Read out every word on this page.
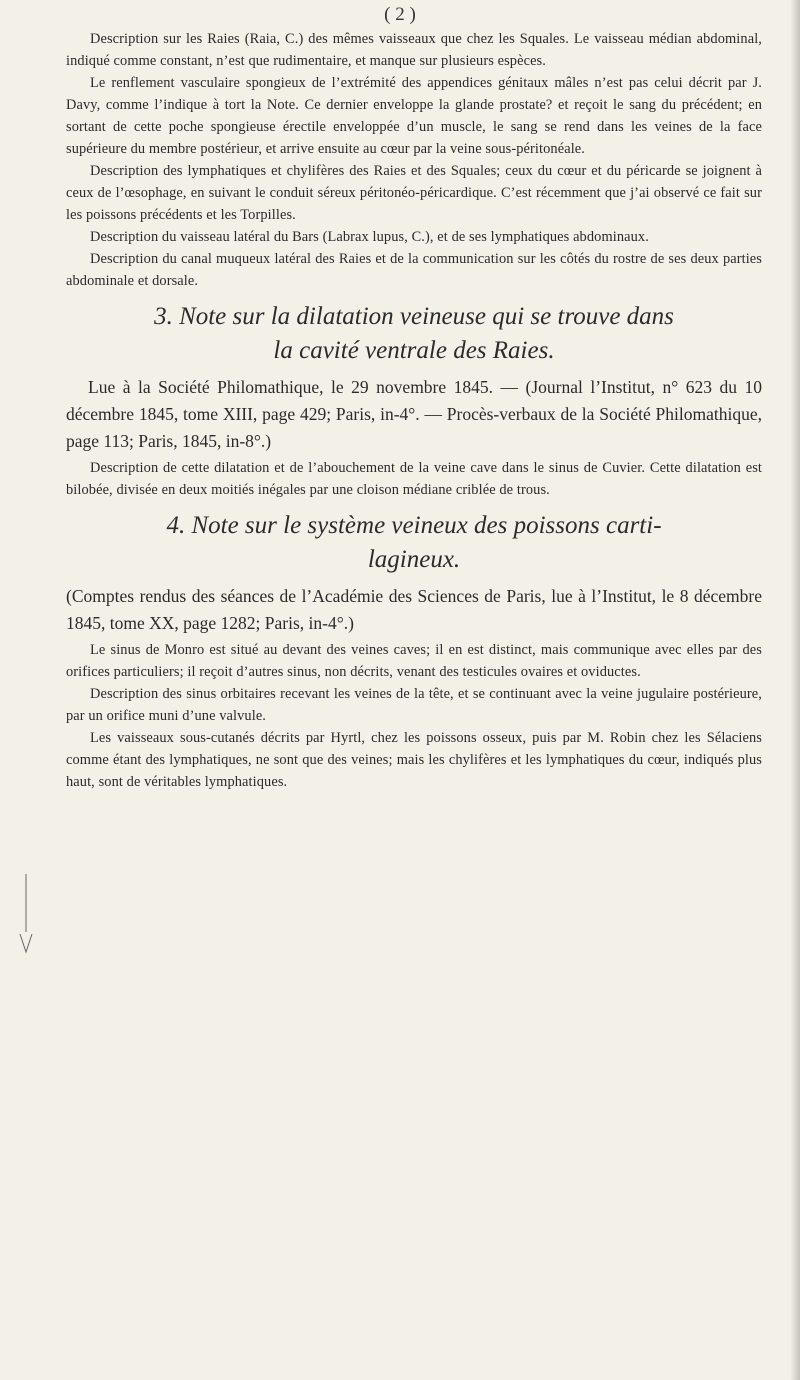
( 2 )

Description sur les Raies (Raia, C.) des mêmes vaisseaux que chez les Squales. Le vaisseau médian abdominal, indiqué comme constant, n’est que rudimentaire, et manque sur plusieurs espèces.

Le renflement vasculaire spongieux de l’extrémité des appendices génitaux mâles n’est pas celui décrit par J. Davy, comme l’indique à tort la Note. Ce dernier enveloppe la glande prostate? et reçoit le sang du précédent; en sortant de cette poche spongieuse érectile enveloppée d’un muscle, le sang se rend dans les veines de la face supérieure du membre postérieur, et arrive ensuite au cœur par la veine sous-péritonéale.

Description des lymphatiques et chylifères des Raies et des Squales; ceux du cœur et du péricarde se joignent à ceux de l’œsophage, en suivant le conduit séreux péritonéo-péricardique. C’est récemment que j’ai observé ce fait sur les poissons précédents et les Torpilles.

Description du vaisseau latéral du Bars (Labrax lupus, C.), et de ses lymphatiques abdominaux.

Description du canal muqueux latéral des Raies et de la communication sur les côtés du rostre de ses deux parties abdominale et dorsale.

3. Note sur la dilatation veineuse qui se trouve dans
la cavité ventrale des Raies.

Lue à la Société Philomathique, le 29 novembre 1845. — (Journal l’Institut, n° 623 du 10 décembre 1845, tome XIII, page 429; Paris, in-4°. — Procès-verbaux de la Société Philomathique, page 113; Paris, 1845, in-8°.)

Description de cette dilatation et de l’abouchement de la veine cave dans le sinus de Cuvier. Cette dilatation est bilobée, divisée en deux moitiés inégales par une cloison médiane criblée de trous.

4. Note sur le système veineux des poissons carti-
lagineux.

(Comptes rendus des séances de l’Académie des Sciences de Paris, lue à l’Institut, le 8 décembre 1845, tome XX, page 1282; Paris, in-4°.)

Le sinus de Monro est situé au devant des veines caves; il en est distinct, mais communique avec elles par des orifices particuliers; il reçoit d’autres sinus, non décrits, venant des testicules ovaires et oviductes.

Description des sinus orbitaires recevant les veines de la tête, et se continuant avec la veine jugulaire postérieure, par un orifice muni d’une valvule.

Les vaisseaux sous-cutanés décrits par Hyrtl, chez les poissons osseux, puis par M. Robin chez les Sélaciens comme étant des lymphatiques, ne sont que des veines; mais les chylifères et les lymphatiques du cœur, indiqués plus haut, sont de véritables lymphatiques.
